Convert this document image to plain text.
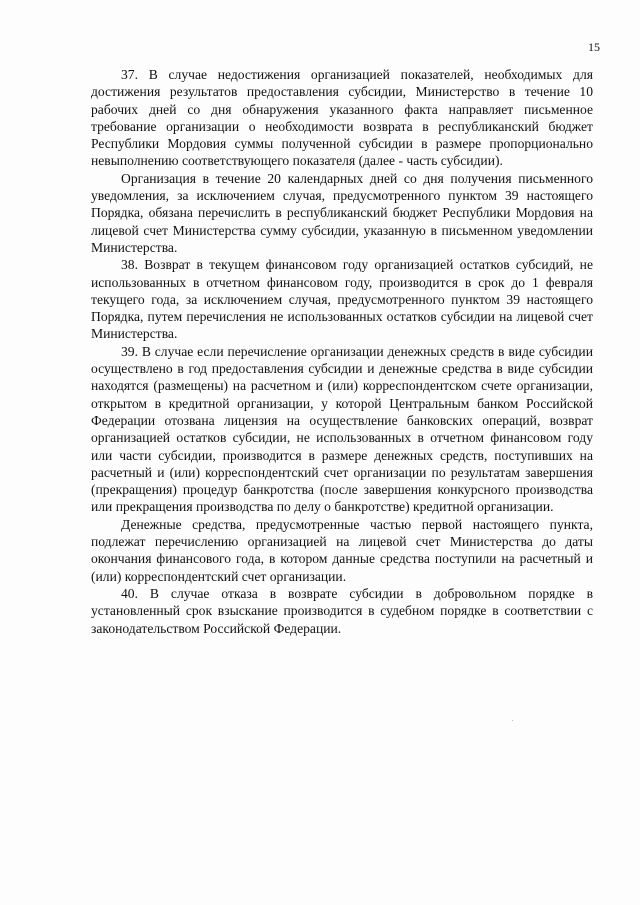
15

37. В случае недостижения организацией показателей, необходимых для достижения результатов предоставления субсидии, Министерство в течение 10 рабочих дней со дня обнаружения указанного факта направляет письменное требование организации о необходимости возврата в республиканский бюджет Республики Мордовия суммы полученной субсидии в размере пропорционально невыполнению соответствующего показателя (далее - часть субсидии).

Организация в течение 20 календарных дней со дня получения письменного уведомления, за исключением случая, предусмотренного пунктом 39 настоящего Порядка, обязана перечислить в республиканский бюджет Республики Мордовия на лицевой счет Министерства сумму субсидии, указанную в письменном уведомлении Министерства.

38. Возврат в текущем финансовом году организацией остатков субсидий, не использованных в отчетном финансовом году, производится в срок до 1 февраля текущего года, за исключением случая, предусмотренного пунктом 39 настоящего Порядка, путем перечисления не использованных остатков субсидии на лицевой счет Министерства.

39. В случае если перечисление организации денежных средств в виде субсидии осуществлено в год предоставления субсидии и денежные средства в виде субсидии находятся (размещены) на расчетном и (или) корреспондентском счете организации, открытом в кредитной организации, у которой Центральным банком Российской Федерации отозвана лицензия на осуществление банковских операций, возврат организацией остатков субсидии, не использованных в отчетном финансовом году или части субсидии, производится в размере денежных средств, поступивших на расчетный и (или) корреспондентский счет организации по результатам завершения (прекращения) процедур банкротства (после завершения конкурсного производства или прекращения производства по делу о банкротстве) кредитной организации.

Денежные средства, предусмотренные частью первой настоящего пункта, подлежат перечислению организацией на лицевой счет Министерства до даты окончания финансового года, в котором данные средства поступили на расчетный и (или) корреспондентский счет организации.

40. В случае отказа в возврате субсидии в добровольном порядке в установленный срок взыскание производится в судебном порядке в соответствии с законодательством Российской Федерации.
